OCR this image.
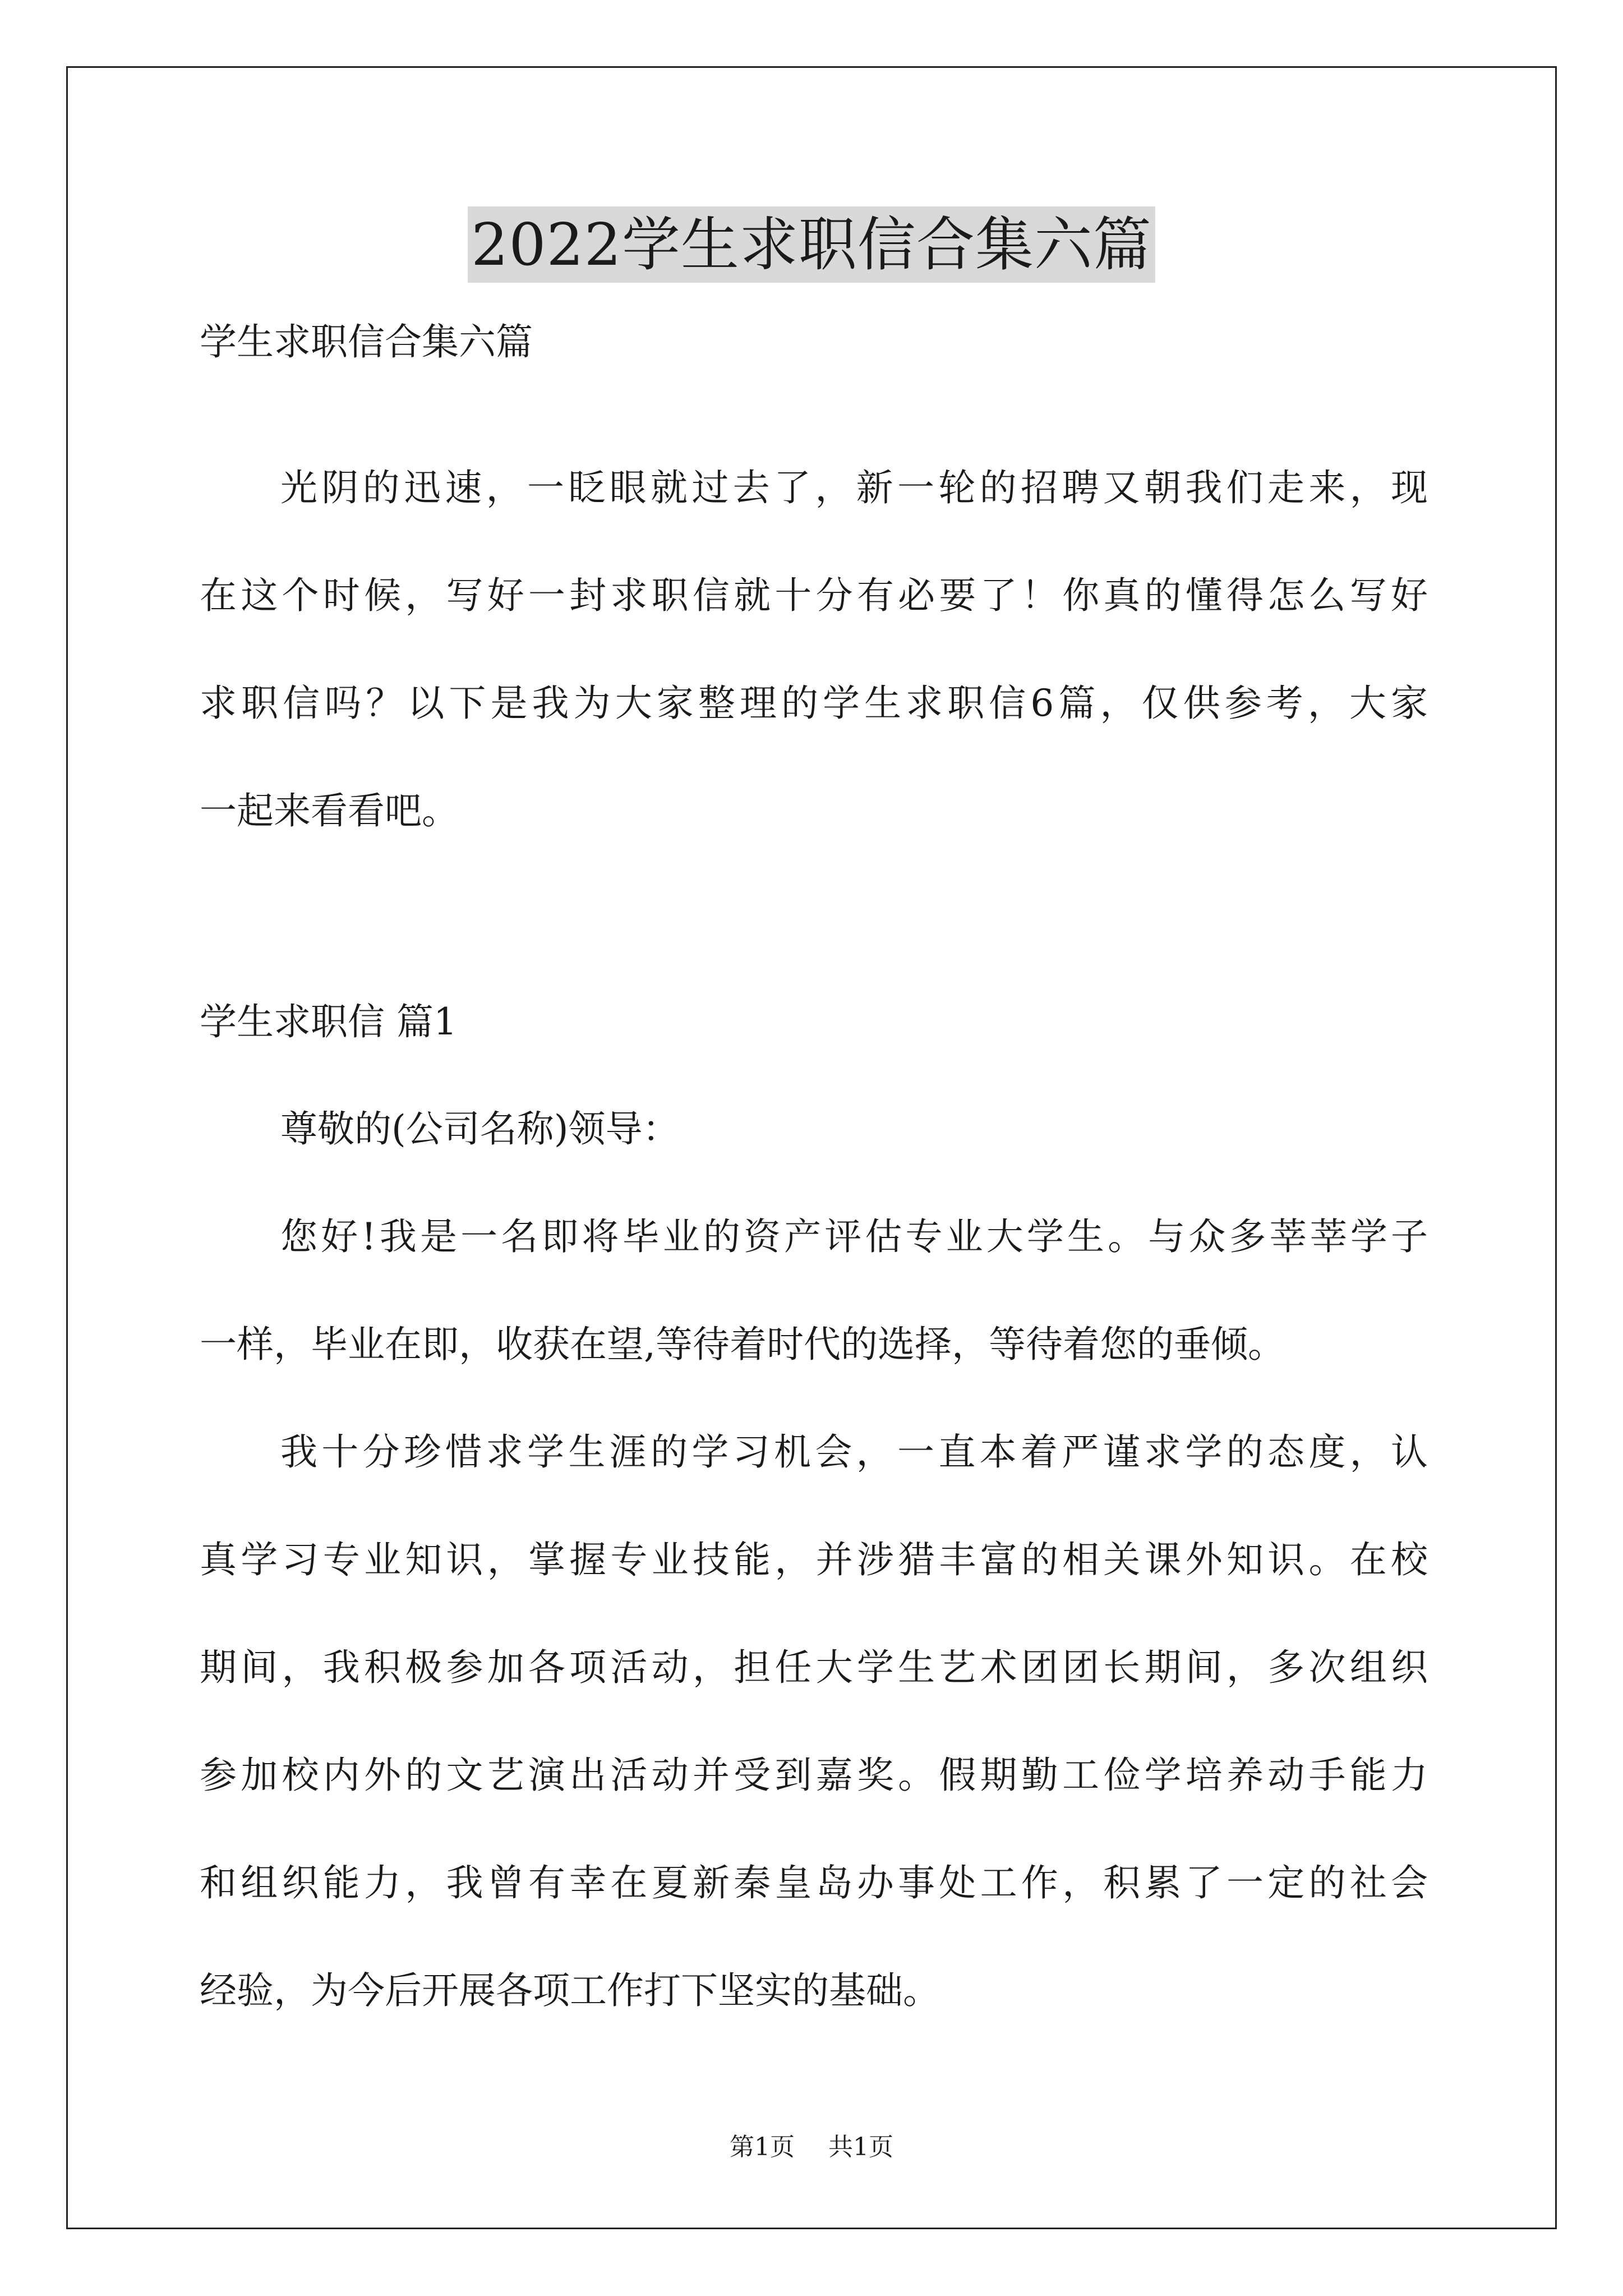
2022学生求职信合集六篇
学生求职信合集六篇
光阴的迅速，一眨眼就过去了，新一轮的招聘又朝我们走来，现
在这个时候，写好一封求职信就十分有必要了！你真的懂得怎么写好
求职信吗？以下是我为大家整理的学生求职信6篇，仅供参考，大家
一起来看看吧。
学生求职信 篇1
尊敬的(公司名称)领导：
您好!我是一名即将毕业的资产评估专业大学生。与众多莘莘学子
一样，毕业在即，收获在望,等待着时代的选择，等待着您的垂倾。
我十分珍惜求学生涯的学习机会，一直本着严谨求学的态度，认
真学习专业知识，掌握专业技能，并涉猎丰富的相关课外知识。在校
期间，我积极参加各项活动，担任大学生艺术团团长期间，多次组织
参加校内外的文艺演出活动并受到嘉奖。假期勤工俭学培养动手能力
和组织能力，我曾有幸在夏新秦皇岛办事处工作，积累了一定的社会
经验，为今后开展各项工作打下坚实的基础。
第1页 共1页
